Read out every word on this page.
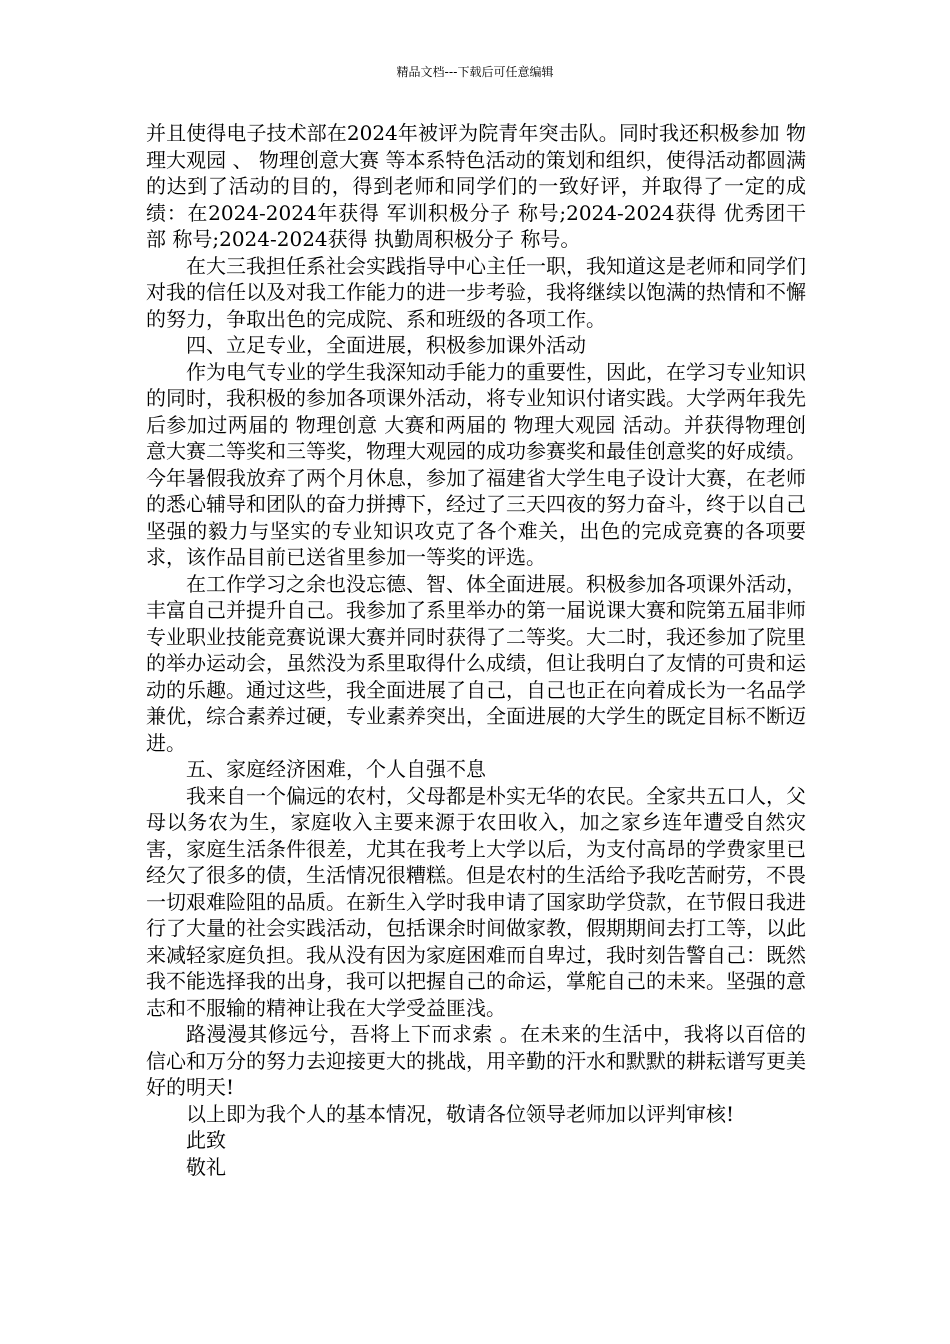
精品文档---下载后可任意编辑

并且使得电子技术部在2024年被评为院青年突击队。同时我还积极参加 物理大观园 、 物理创意大赛 等本系特色活动的策划和组织，使得活动都圆满的达到了活动的目的，得到老师和同学们的一致好评，并取得了一定的成绩：在2024-2024年获得 军训积极分子 称号;2024-2024获得 优秀团干部 称号;2024-2024获得 执勤周积极分子 称号。

在大三我担任系社会实践指导中心主任一职，我知道这是老师和同学们对我的信任以及对我工作能力的进一步考验，我将继续以饱满的热情和不懈的努力，争取出色的完成院、系和班级的各项工作。

四、立足专业，全面进展，积极参加课外活动

作为电气专业的学生我深知动手能力的重要性，因此，在学习专业知识的同时，我积极的参加各项课外活动，将专业知识付诸实践。大学两年我先后参加过两届的 物理创意 大赛和两届的 物理大观园 活动。并获得物理创意大赛二等奖和三等奖，物理大观园的成功参赛奖和最佳创意奖的好成绩。今年暑假我放弃了两个月休息，参加了福建省大学生电子设计大赛，在老师的悉心辅导和团队的奋力拼搏下，经过了三天四夜的努力奋斗，终于以自己坚强的毅力与坚实的专业知识攻克了各个难关，出色的完成竞赛的各项要求，该作品目前已送省里参加一等奖的评选。

在工作学习之余也没忘德、智、体全面进展。积极参加各项课外活动，丰富自己并提升自己。我参加了系里举办的第一届说课大赛和院第五届非师专业职业技能竞赛说课大赛并同时获得了二等奖。大二时，我还参加了院里的举办运动会，虽然没为系里取得什么成绩，但让我明白了友情的可贵和运动的乐趣。通过这些，我全面进展了自己，自己也正在向着成长为一名品学兼优，综合素养过硬，专业素养突出，全面进展的大学生的既定目标不断迈进。

五、家庭经济困难，个人自强不息

我来自一个偏远的农村，父母都是朴实无华的农民。全家共五口人，父母以务农为生，家庭收入主要来源于农田收入，加之家乡连年遭受自然灾害，家庭生活条件很差，尤其在我考上大学以后，为支付高昂的学费家里已经欠了很多的债，生活情况很糟糕。但是农村的生活给予我吃苦耐劳，不畏一切艰难险阻的品质。在新生入学时我申请了国家助学贷款，在节假日我进行了大量的社会实践活动，包括课余时间做家教，假期期间去打工等，以此来减轻家庭负担。我从没有因为家庭困难而自卑过，我时刻告警自己：既然我不能选择我的出身，我可以把握自己的命运，掌舵自己的未来。坚强的意志和不服输的精神让我在大学受益匪浅。

路漫漫其修远兮，吾将上下而求索 。在未来的生活中，我将以百倍的信心和万分的努力去迎接更大的挑战，用辛勤的汗水和默默的耕耘谱写更美好的明天!

以上即为我个人的基本情况，敬请各位领导老师加以评判审核!

此致

敬礼
